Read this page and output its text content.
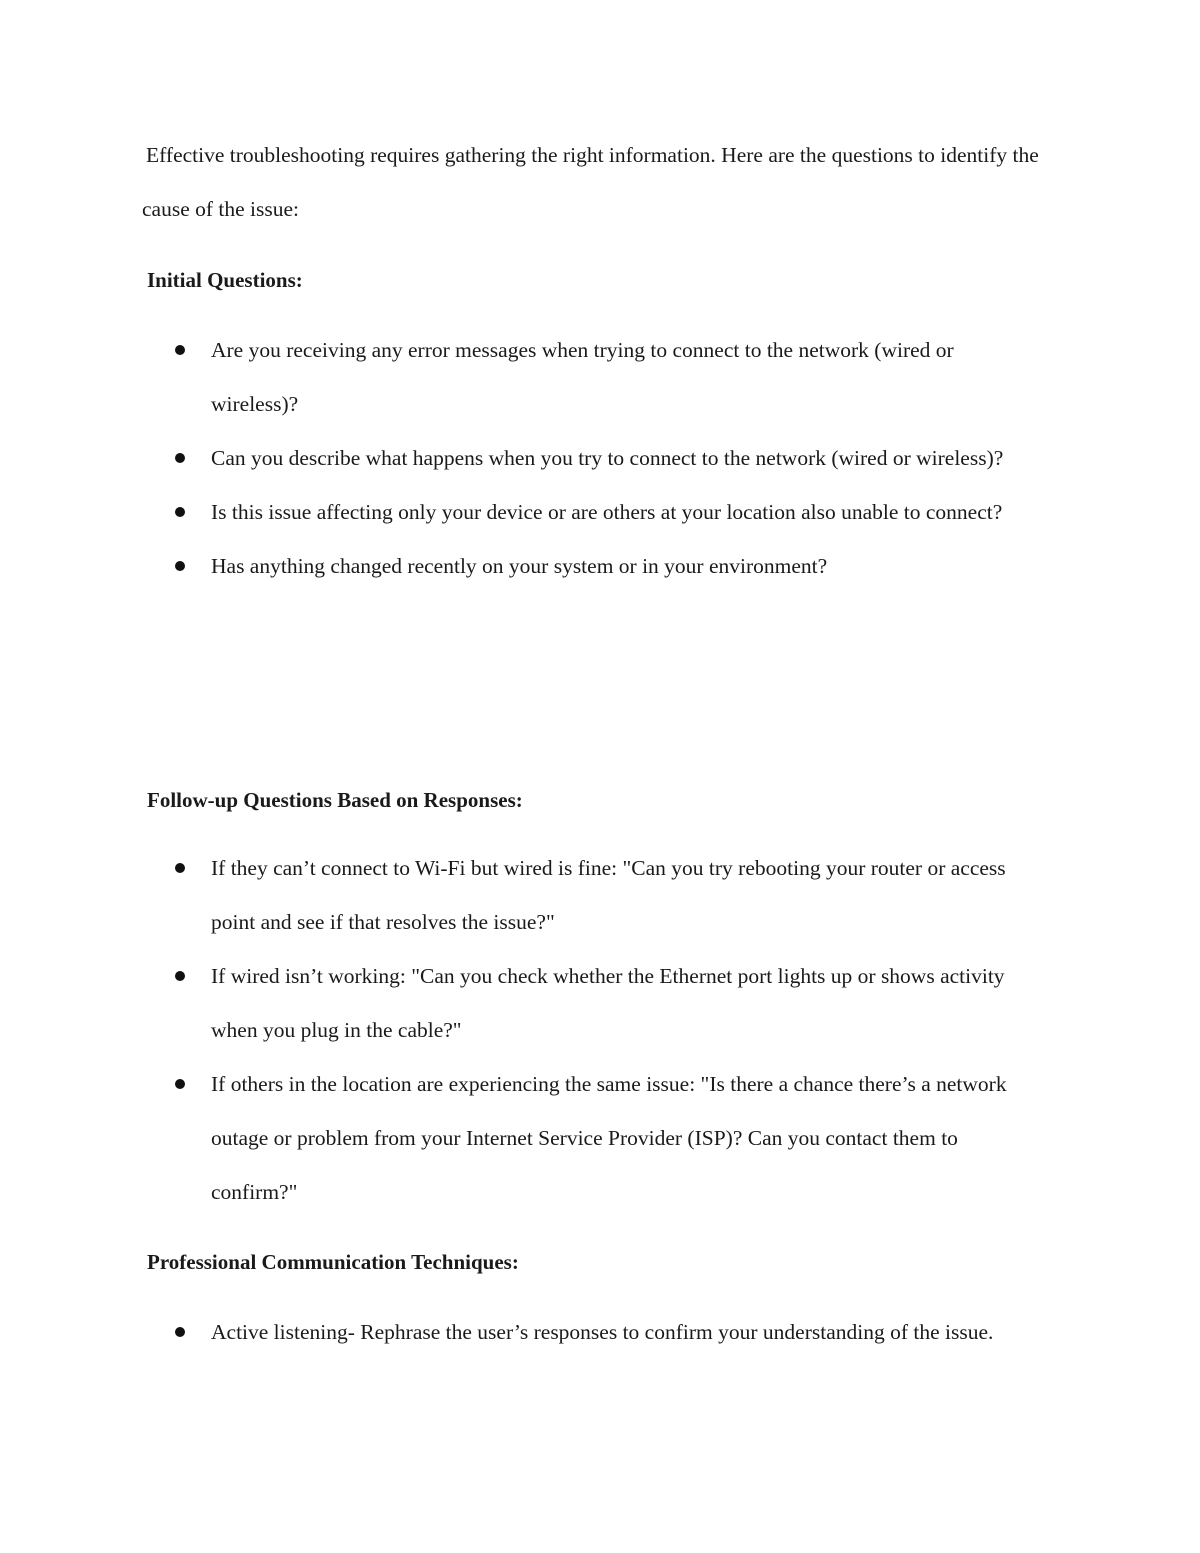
Effective troubleshooting requires gathering the right information. Here are the questions to identify the cause of the issue:

Initial Questions:
Are you receiving any error messages when trying to connect to the network (wired or wireless)?
Can you describe what happens when you try to connect to the network (wired or wireless)?
Is this issue affecting only your device or are others at your location also unable to connect?
Has anything changed recently on your system or in your environment?
Follow-up Questions Based on Responses:
If they can’t connect to Wi-Fi but wired is fine: "Can you try rebooting your router or access point and see if that resolves the issue?"
If wired isn’t working: "Can you check whether the Ethernet port lights up or shows activity when you plug in the cable?"
If others in the location are experiencing the same issue: "Is there a chance there’s a network outage or problem from your Internet Service Provider (ISP)? Can you contact them to confirm?"
Professional Communication Techniques:
Active listening- Rephrase the user’s responses to confirm your understanding of the issue.
